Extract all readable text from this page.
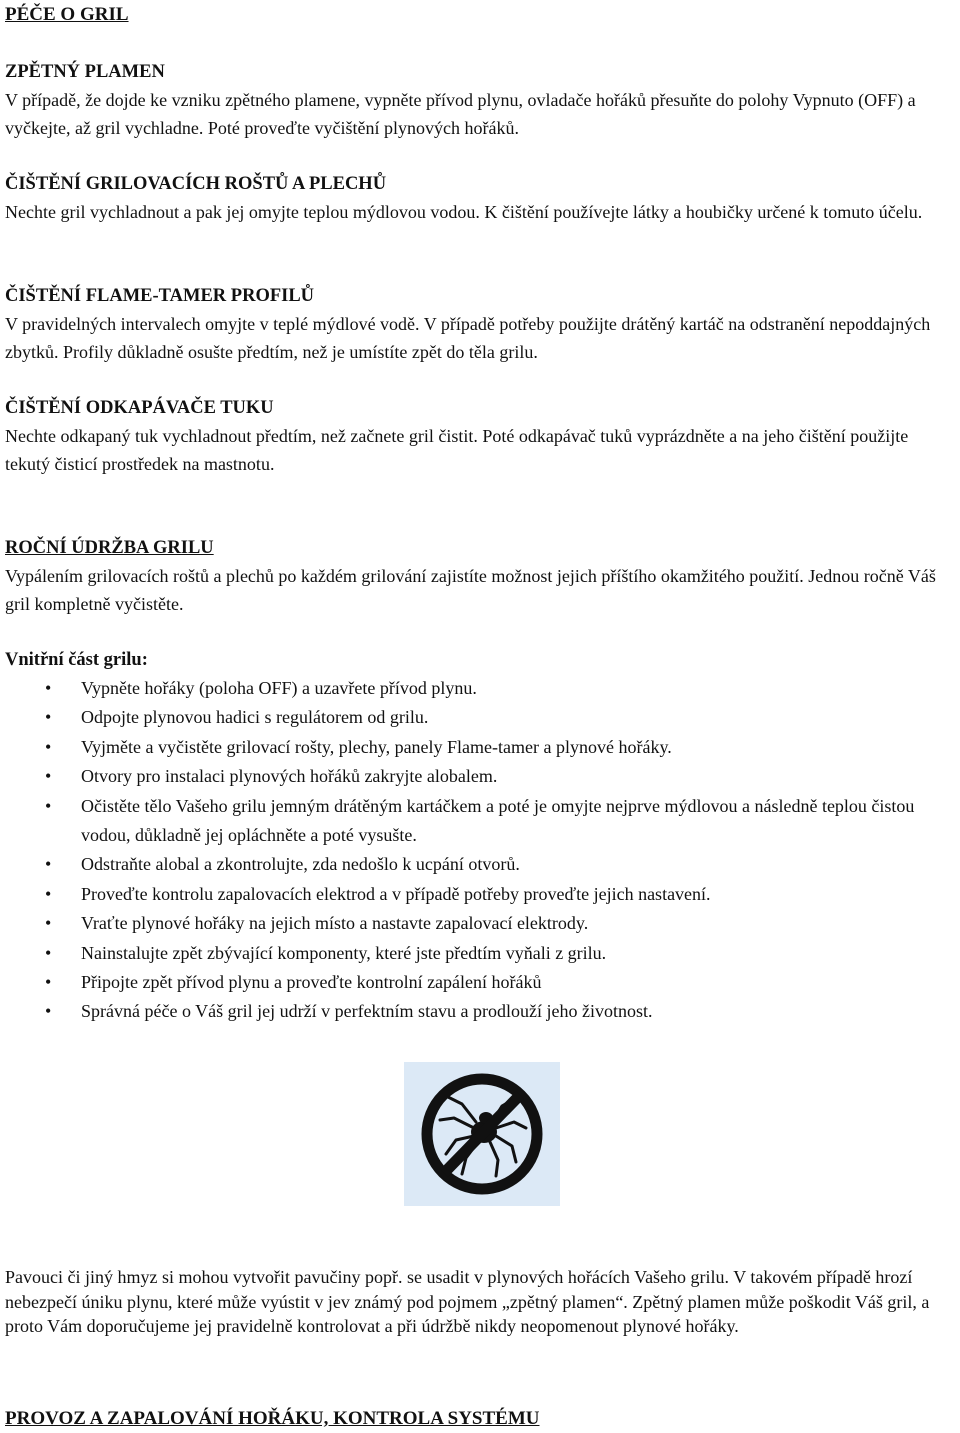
PÉČE O GRIL
ZPĚTNÝ PLAMEN

V případě, že dojde ke vzniku zpětného plamene, vypněte přívod plynu, ovladače hořáků přesuňte do polohy Vypnuto (OFF) a vyčkejte, až gril vychladne. Poté proveďte vyčištění plynových hořáků.

ČIŠTĚNÍ GRILOVACÍCH ROŠTŮ A PLECHŮ

Nechte gril vychladnout a pak jej omyjte teplou mýdlovou vodou. K čištění používejte látky a houbičky určené k tomuto účelu.

ČIŠTĚNÍ FLAME-TAMER PROFILŮ

V pravidelných intervalech omyjte v teplé mýdlové vodě. V případě potřeby použijte drátěný kartáč na odstranění nepoddajných zbytků. Profily důkladně osušte předtím, než je umístíte zpět do těla grilu.

ČIŠTĚNÍ ODKAPÁVAČE TUKU

Nechte odkapaný tuk vychladnout předtím, než začnete gril čistit. Poté odkapávač tuků vyprázdněte a na jeho čištění použijte tekutý čisticí prostředek na mastnotu.

ROČNÍ ÚDRŽBA GRILU

Vypálením grilovacích roštů a plechů po každém grilování zajistíte možnost jejich příštího okamžitého použití. Jednou ročně Váš gril kompletně vyčistěte.

Vnitřní část grilu:
• Vypněte hořáky (poloha OFF) a uzavřete přívod plynu.
• Odpojte plynovou hadici s regulátorem od grilu.
• Vyjměte a vyčistěte grilovací rošty, plechy, panely Flame-tamer a plynové hořáky.
• Otvory pro instalaci plynových hořáků zakryjte alobalem.
• Očistěte tělo Vašeho grilu jemným drátěným kartáčkem a poté je omyjte nejprve mýdlovou a následně teplou čistou vodou, důkladně jej opláchněte a poté vysušte.
• Odstraňte alobal a zkontrolujte, zda nedošlo k ucpání otvorů.
• Proveďte kontrolu zapalovacích elektrod a v případě potřeby proveďte jejich nastavení.
• Vraťte plynové hořáky na jejich místo a nastavte zapalovací elektrody.
• Nainstalujte zpět zbývající komponenty, které jste předtím vyňali z grilu.
• Připojte zpět přívod plynu a proveďte kontrolní zapálení hořáků
• Správná péče o Váš gril jej udrží v perfektním stavu a prodlouží jeho životnost.

Pavouci či jiný hmyz si mohou vytvořit pavučiny popř. se usadit v plynových hořácích Vašeho grilu. V takovém případě hrozí nebezpečí úniku plynu, které může vyústit v jev známý pod pojmem „zpětný plamen“. Zpětný plamen může poškodit Váš gril, a proto Vám doporučujeme jej pravidelně kontrolovat a při údržbě nikdy neopomenout plynové hořáky.

PROVOZ A ZAPALOVÁNÍ HOŘÁKU, KONTROLA SYSTÉMU
